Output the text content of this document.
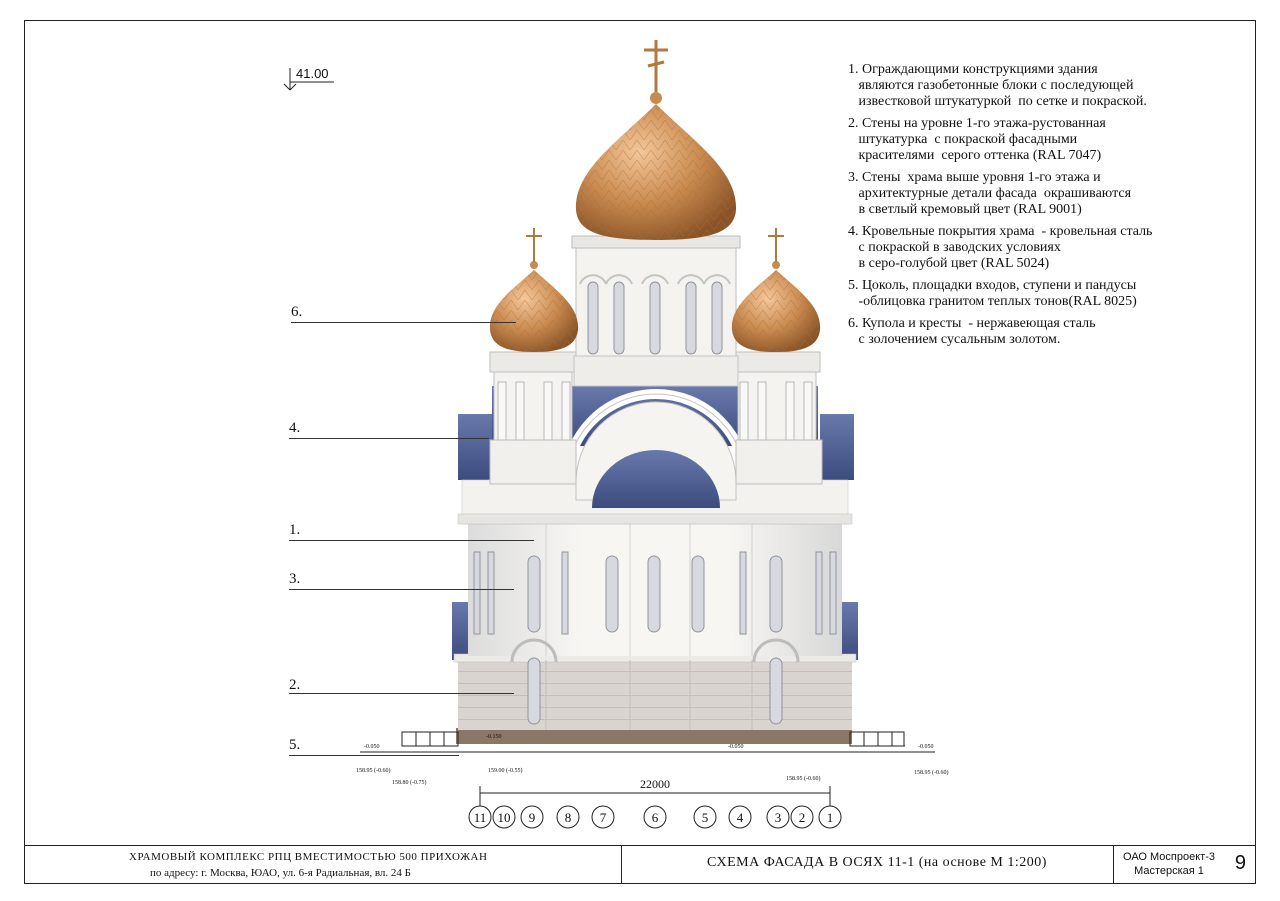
41.00
11 10 9 8 7	6	5 4 3 2 1
22000
-0.050
158.95 (-0.60)
158.80 (-0.75)
-0.150
159.00 (-0.55)
-0.050
158.95 (-0.60)
-0.050
158.95 (-0.60)
6.
4.
1.
3.
2.
5.
1. Ограждающими конструкциями здания
являются газобетонные блоки с последующей
известковой штукатуркой  по сетке и покраской.
2. Стены на уровне 1-го этажа-рустованная
штукатурка  с покраской фасадными
красителями  серого оттенка (RAL 7047)
3. Стены  храма выше уровня 1-го этажа и
архитектурные детали фасада  окрашиваются
в светлый кремовый цвет (RAL 9001)
4. Кровельные покрытия храма  - кровельная сталь
с покраской в заводских условиях
в серо-голубой цвет (RAL 5024)
5. Цоколь, площадки входов, ступени и пандусы
-облицовка гранитом теплых тонов(RAL 8025)
6. Купола и кресты  - нержавеющая сталь
с золочением сусальным золотом.
ХРАМОВЫЙ КОМПЛЕКС РПЦ ВМЕСТИМОСТЬЮ 500 ПРИХОЖАН
по адресу: г. Москва, ЮАО, ул. 6-я Радиальная, вл. 24 Б
СХЕМА ФАСАДА В ОСЯХ 11-1 (на основе М 1:200)	ОАО Моспроект-3
Мастерская 1	9
